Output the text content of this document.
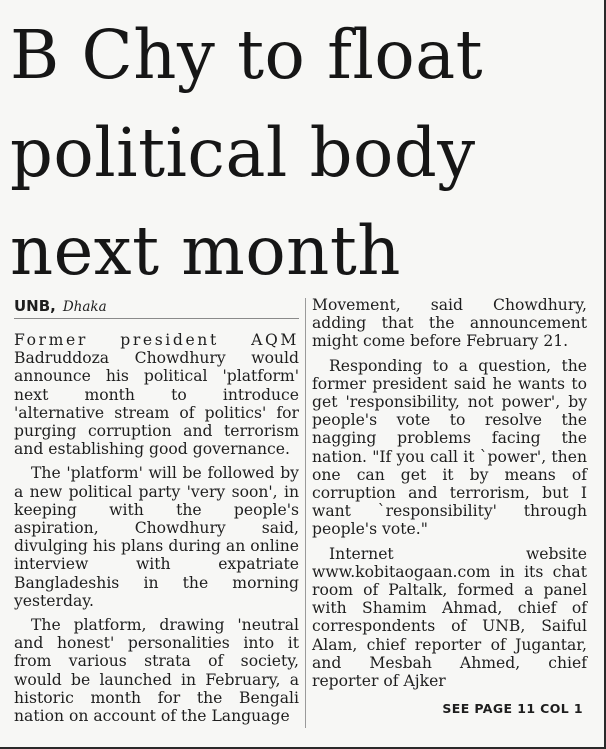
B Chy to float
political body
next month
UNB, Dhaka

Former president AQM Badruddoza Chowdhury would announce his political 'platform' next month to introduce 'alternative stream of politics' for purging corruption and terrorism and establishing good governance.

The 'platform' will be followed by a new political party 'very soon', in keeping with the people's aspiration, Chowdhury said, divulging his plans during an online interview with expatriate Bangladeshis in the morning yesterday.

The platform, drawing 'neutral and honest' personalities into it from various strata of society, would be launched in February, a historic month for the Bengali nation on account of the Language

Movement, said Chowdhury, adding that the announcement might come before February 21.

Responding to a question, the former president said he wants to get 'responsibility, not power', by people's vote to resolve the nagging problems facing the nation. "If you call it `power', then one can get it by means of corruption and terrorism, but I want `responsibility' through people's vote."

Internet website www.kobitaogaan.com in its chat room of Paltalk, formed a panel with Shamim Ahmad, chief of correspondents of UNB, Saiful Alam, chief reporter of Jugantar, and Mesbah Ahmed, chief reporter of Ajker

SEE PAGE 11 COL 1
